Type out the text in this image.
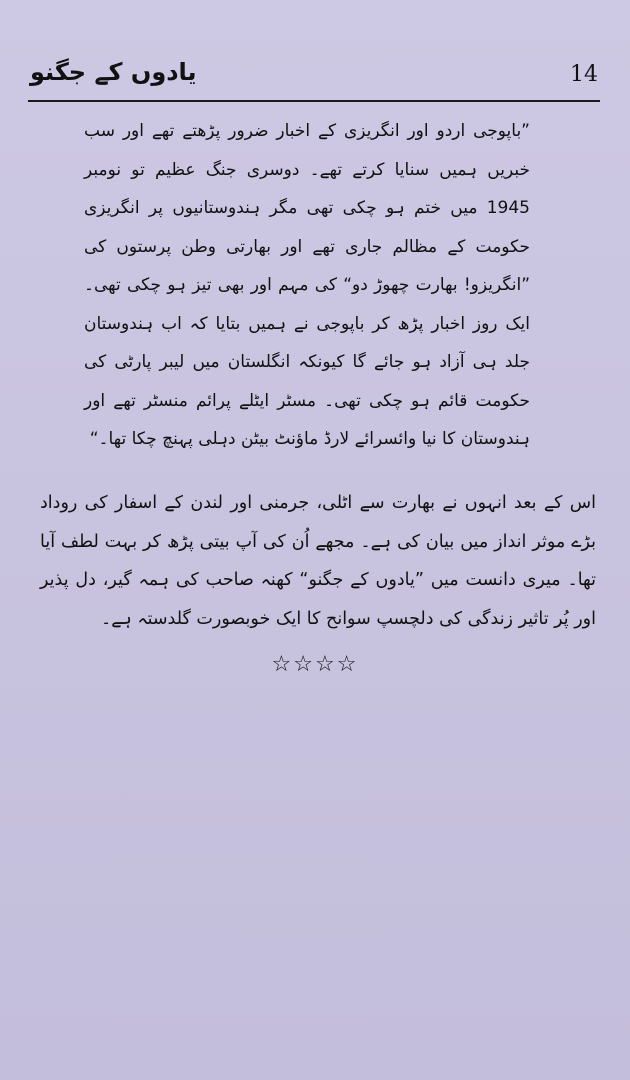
یادوں کے جگنو	14

”باپوجی اردو اور انگریزی کے اخبار ضرور پڑھتے تھے اور سب خبریں ہمیں سنایا کرتے تھے۔ دوسری جنگ عظیم تو نومبر 1945 میں ختم ہو چکی تھی مگر ہندوستانیوں پر انگریزی حکومت کے مظالم جاری تھے اور بھارتی وطن پرستوں کی ”انگریزو! بھارت چھوڑ دو“ کی مہم اور بھی تیز ہو چکی تھی۔ ایک روز اخبار پڑھ کر باپوجی نے ہمیں بتایا کہ اب ہندوستان جلد ہی آزاد ہو جائے گا کیونکہ انگلستان میں لیبر پارٹی کی حکومت قائم ہو چکی تھی۔ مسٹر ایٹلے پرائم منسٹر تھے اور ہندوستان کا نیا وائسرائے لارڈ ماؤنٹ بیٹن دہلی پہنچ چکا تھا۔“

اس کے بعد انہوں نے بھارت سے اٹلی، جرمنی اور لندن کے اسفار کی روداد بڑے موثر انداز میں بیان کی ہے۔ مجھے اُن کی آپ بیتی پڑھ کر بہت لطف آیا تھا۔ میری دانست میں ”یادوں کے جگنو“ کھنہ صاحب کی ہمہ گیر، دل پذیر اور پُر تاثیر زندگی کی دلچسپ سوانح کا ایک خوبصورت گلدستہ ہے۔

☆☆☆☆
